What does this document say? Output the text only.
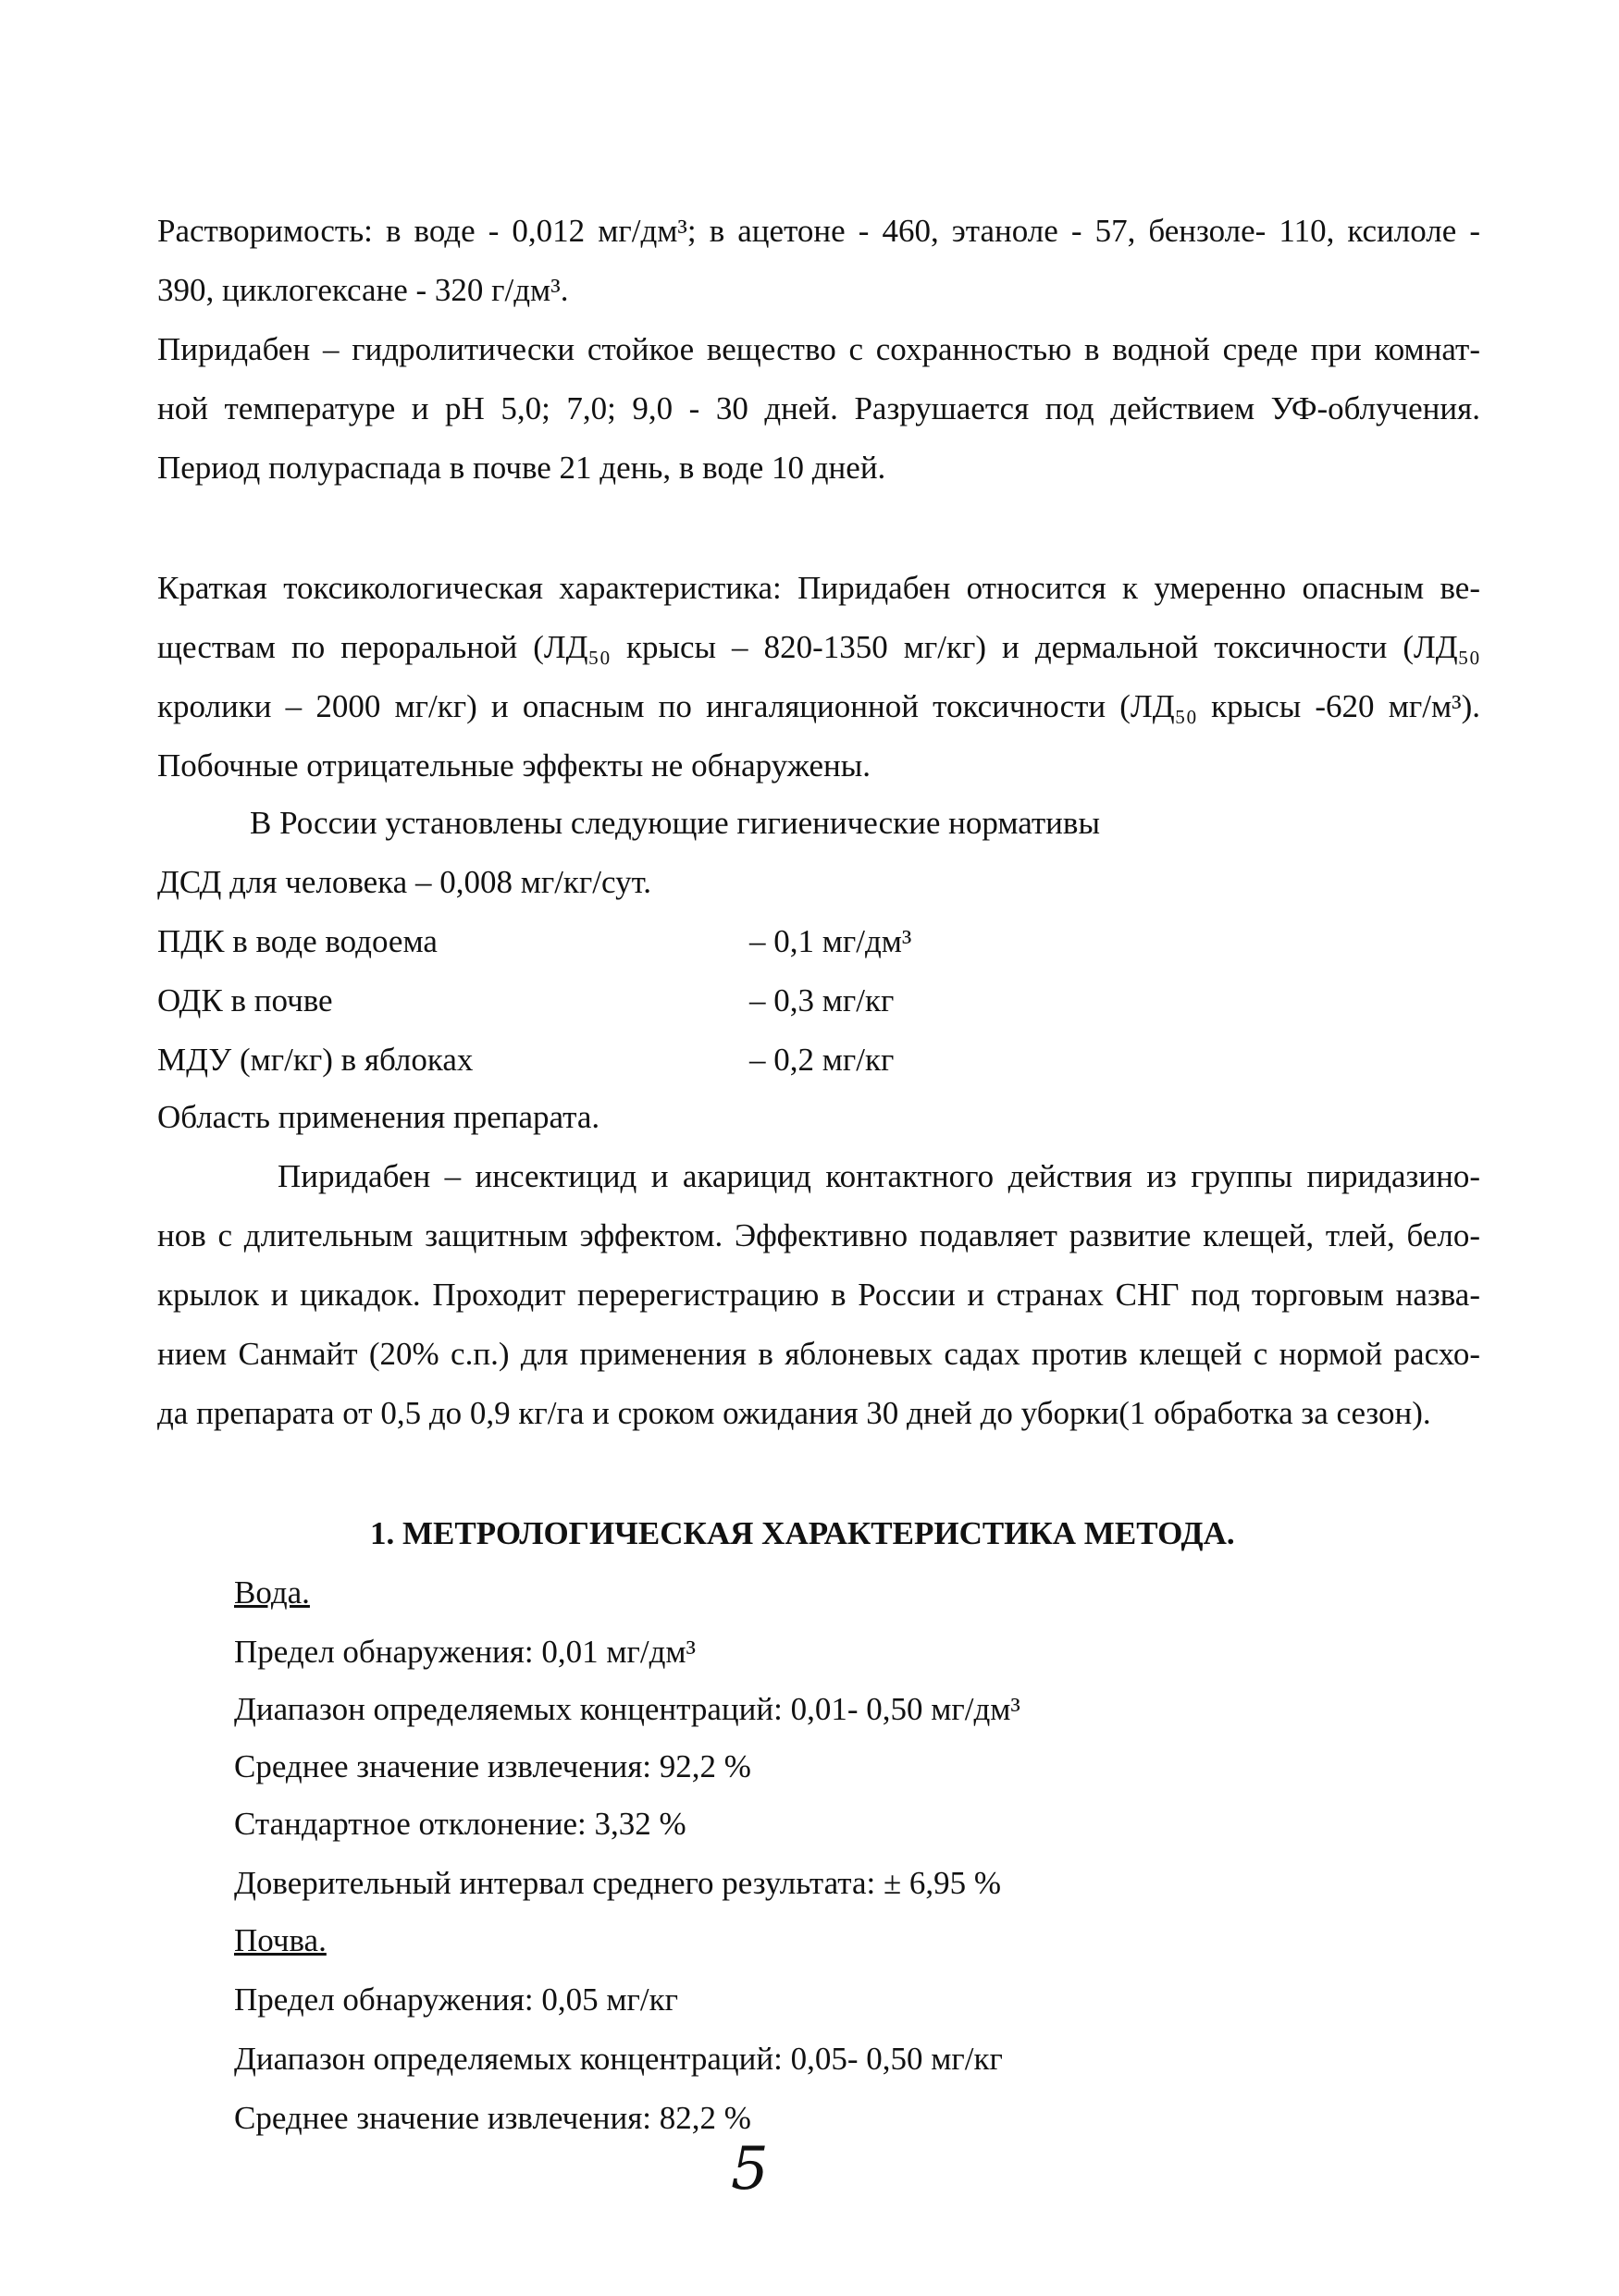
Растворимость: в воде - 0,012 мг/дм³; в ацетоне - 460, этаноле - 57, бензоле- 110, ксилоле -
390, циклогексане - 320 г/дм³.
Пиридабен – гидролитически стойкое вещество с сохранностью в водной среде при комнат-
ной температуре и pH 5,0; 7,0; 9,0 - 30 дней. Разрушается под действием УФ-облучения.
Период полураспада в почве 21 день, в воде 10 дней.
Краткая токсикологическая характеристика: Пиридабен относится к умеренно опасным ве-
ществам по пероральной (ЛД₅₀ крысы – 820-1350 мг/кг) и дермальной токсичности (ЛД₅₀
кролики – 2000 мг/кг) и опасным по ингаляционной токсичности (ЛД₅₀ крысы -620 мг/м³).
Побочные отрицательные эффекты не обнаружены.
В России установлены следующие гигиенические нормативы
ДСД для человека – 0,008 мг/кг/сут.
ПДК в воде водоема	– 0,1 мг/дм³
ОДК в почве	– 0,3 мг/кг
МДУ (мг/кг) в яблоках	– 0,2 мг/кг
Область применения препарата.
Пиридабен – инсектицид и акарицид контактного действия из группы пиридазино-
нов с длительным защитным эффектом. Эффективно подавляет развитие клещей, тлей, бело-
крылок и цикадок. Проходит перерегистрацию в России и странах СНГ под торговым назва-
нием Санмайт (20% с.п.) для применения в яблоневых садах против клещей с нормой расхо-
да препарата от 0,5 до 0,9 кг/га и сроком ожидания 30 дней до уборки(1 обработка за сезон).
1. МЕТРОЛОГИЧЕСКАЯ ХАРАКТЕРИСТИКА МЕТОДА.
Вода.
Предел обнаружения: 0,01 мг/дм³
Диапазон определяемых концентраций: 0,01- 0,50 мг/дм³
Среднее значение извлечения: 92,2 %
Стандартное отклонение: 3,32 %
Доверительный интервал среднего результата: ± 6,95 %
Почва.
Предел обнаружения: 0,05 мг/кг
Диапазон определяемых концентраций: 0,05- 0,50 мг/кг
Среднее значение извлечения: 82,2 %
5
